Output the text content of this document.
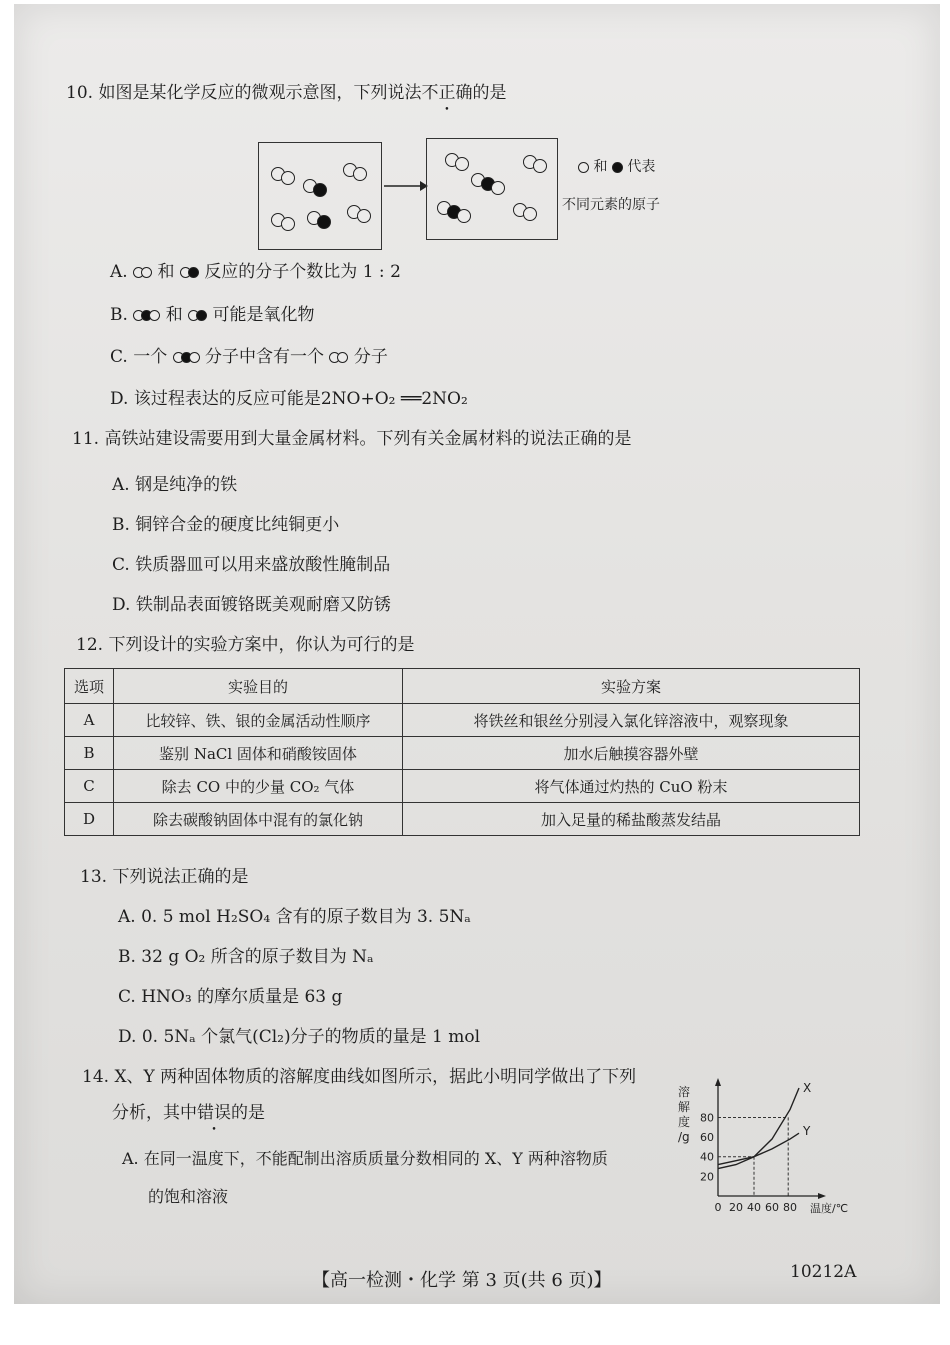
10. 如图是某化学反应的微观示意图，下列说法不正确的是
和 代表
不同元素的原子
A. 和 反应的分子个数比为 1 : 2
B. 和 可能是氧化物
C. 一个 分子中含有一个 分子
D. 该过程表达的反应可能是2NO+O₂ ══2NO₂
11. 高铁站建设需要用到大量金属材料。下列有关金属材料的说法正确的是
A. 钢是纯净的铁
B. 铜锌合金的硬度比纯铜更小
C. 铁质器皿可以用来盛放酸性腌制品
D. 铁制品表面镀铬既美观耐磨又防锈
12. 下列设计的实验方案中，你认为可行的是
选项	实验目的	实验方案
A	比较锌、铁、银的金属活动性顺序	将铁丝和银丝分别浸入氯化锌溶液中，观察现象
B	鉴别 NaCl 固体和硝酸铵固体	加水后触摸容器外壁
C	除去 CO 中的少量 CO₂ 气体	将气体通过灼热的 CuO 粉末
D	除去碳酸钠固体中混有的氯化钠	加入足量的稀盐酸蒸发结晶
13. 下列说法正确的是
A. 0. 5 mol H₂SO₄ 含有的原子数目为 3. 5Nₐ
B. 32 g O₂ 所含的原子数目为 Nₐ
C. HNO₃ 的摩尔质量是 63 g
D. 0. 5Nₐ 个氯气(Cl₂)分子的物质的量是 1 mol
14. X、Y 两种固体物质的溶解度曲线如图所示，据此小明同学做出了下列
分析，其中错误的是
A. 在同一温度下，不能配制出溶质质量分数相同的 X、Y 两种溶物质
的饱和溶液
0 20 40 60 80
20
40
60
80
X
Y
溶解度/g
温度/℃
【高一检测・化学 第 3 页(共 6 页)】	10212A
